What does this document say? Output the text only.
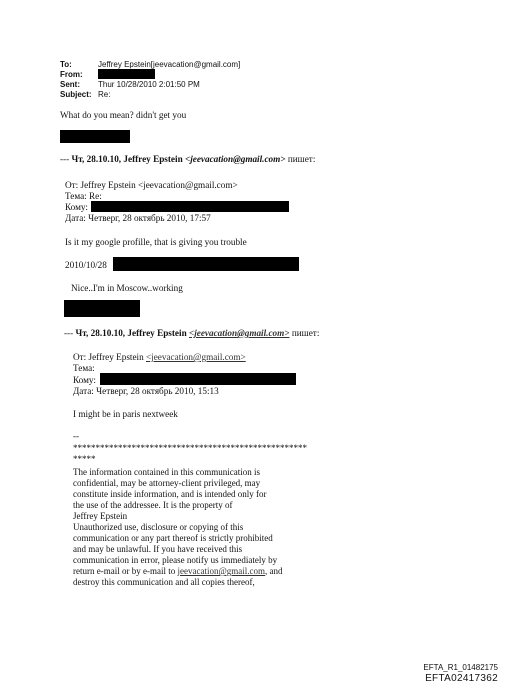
To:	Jeffrey Epstein[jeevacation@gmail.com]
From:
Sent: Thur 10/28/2010 2:01:50 PM
Subject: Re:
What do you mean? didn't get you
--- Чт, 28.10.10, Jeffrey Epstein <jeevacation@gmail.com> пишет:
От: Jeffrey Epstein <jeevacation@gmail.com>
Тема: Re:
Кому:
Дата: Четверг, 28 октябрь 2010, 17:57
Is it my google profille, that is giving you trouble
2010/10/28
Nice..I'm in Moscow..working
--- Чт, 28.10.10, Jeffrey Epstein <jeevacation@gmail.com> пишет:
От: Jeffrey Epstein <jeevacation@gmail.com>
Тема:
Кому:
Дата: Четверг, 28 октябрь 2010, 15:13
I might be in paris nextweek
--
****************************************************
*****
The information contained in this communication is
confidential, may be attorney-client privileged, may
constitute inside information, and is intended only for
the use of the addressee. It is the property of
Jeffrey Epstein
Unauthorized use, disclosure or copying of this
communication or any part thereof is strictly prohibited
and may be unlawful. If you have received this
communication in error, please notify us immediately by
return e-mail or by e-mail to jeevacation@gmail.com, and
destroy this communication and all copies thereof,
EFTA_R1_01482175
EFTA02417362
